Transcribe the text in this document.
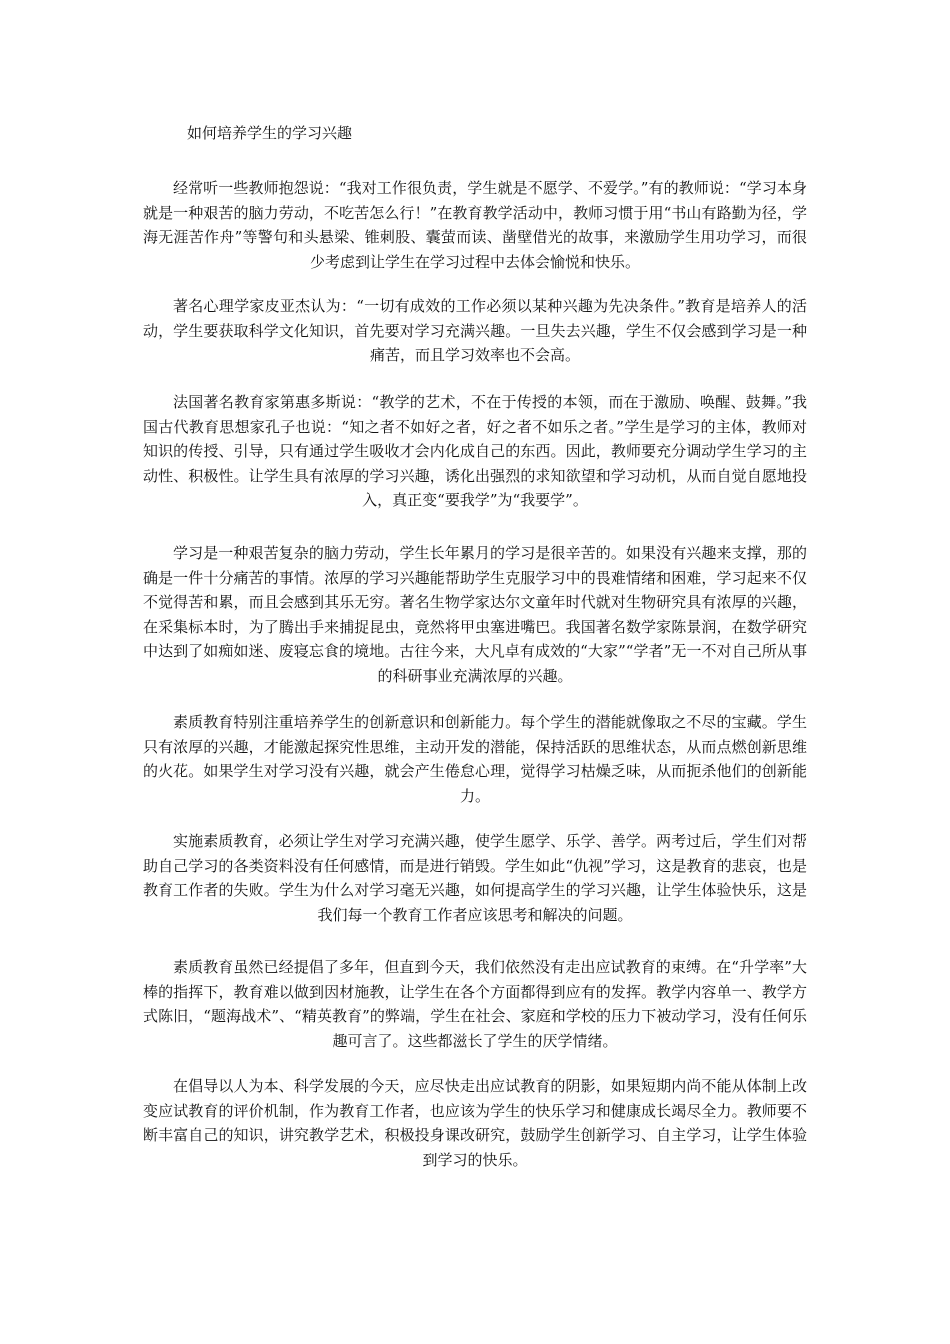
如何培养学生的学习兴趣

经常听一些教师抱怨说：“我对工作很负责，学生就是不愿学、不爱学。”有的教师说：“学习本身就是一种艰苦的脑力劳动，不吃苦怎么行！”在教育教学活动中，教师习惯于用“书山有路勤为径，学海无涯苦作舟”等警句和头悬梁、锥刺股、囊萤而读、凿壁借光的故事，来激励学生用功学习，而很少考虑到让学生在学习过程中去体会愉悦和快乐。

著名心理学家皮亚杰认为：“一切有成效的工作必须以某种兴趣为先决条件。”教育是培养人的活动，学生要获取科学文化知识，首先要对学习充满兴趣。一旦失去兴趣，学生不仅会感到学习是一种痛苦，而且学习效率也不会高。

法国著名教育家第惠多斯说：“教学的艺术，不在于传授的本领，而在于激励、唤醒、鼓舞。”我国古代教育思想家孔子也说：“知之者不如好之者，好之者不如乐之者。”学生是学习的主体，教师对知识的传授、引导，只有通过学生吸收才会内化成自己的东西。因此，教师要充分调动学生学习的主动性、积极性。让学生具有浓厚的学习兴趣，诱化出强烈的求知欲望和学习动机，从而自觉自愿地投入，真正变“要我学”为“我要学”。

学习是一种艰苦复杂的脑力劳动，学生长年累月的学习是很辛苦的。如果没有兴趣来支撑，那的确是一件十分痛苦的事情。浓厚的学习兴趣能帮助学生克服学习中的畏难情绪和困难，学习起来不仅不觉得苦和累，而且会感到其乐无穷。著名生物学家达尔文童年时代就对生物研究具有浓厚的兴趣，在采集标本时，为了腾出手来捕捉昆虫，竟然将甲虫塞进嘴巴。我国著名数学家陈景润，在数学研究中达到了如痴如迷、废寝忘食的境地。古往今来，大凡卓有成效的“大家”“学者”无一不对自己所从事的科研事业充满浓厚的兴趣。

素质教育特别注重培养学生的创新意识和创新能力。每个学生的潜能就像取之不尽的宝藏。学生只有浓厚的兴趣，才能激起探究性思维，主动开发的潜能，保持活跃的思维状态，从而点燃创新思维的火花。如果学生对学习没有兴趣，就会产生倦怠心理，觉得学习枯燥乏味，从而扼杀他们的创新能力。

实施素质教育，必须让学生对学习充满兴趣，使学生愿学、乐学、善学。两考过后，学生们对帮助自己学习的各类资料没有任何感情，而是进行销毁。学生如此“仇视”学习，这是教育的悲哀，也是教育工作者的失败。学生为什么对学习毫无兴趣，如何提高学生的学习兴趣，让学生体验快乐，这是我们每一个教育工作者应该思考和解决的问题。

素质教育虽然已经提倡了多年，但直到今天，我们依然没有走出应试教育的束缚。在“升学率”大棒的指挥下，教育难以做到因材施教，让学生在各个方面都得到应有的发挥。教学内容单一、教学方式陈旧，“题海战术”、“精英教育”的弊端，学生在社会、家庭和学校的压力下被动学习，没有任何乐趣可言了。这些都滋长了学生的厌学情绪。

在倡导以人为本、科学发展的今天，应尽快走出应试教育的阴影，如果短期内尚不能从体制上改变应试教育的评价机制，作为教育工作者，也应该为学生的快乐学习和健康成长竭尽全力。教师要不断丰富自己的知识，讲究教学艺术，积极投身课改研究，鼓励学生创新学习、自主学习，让学生体验到学习的快乐。
